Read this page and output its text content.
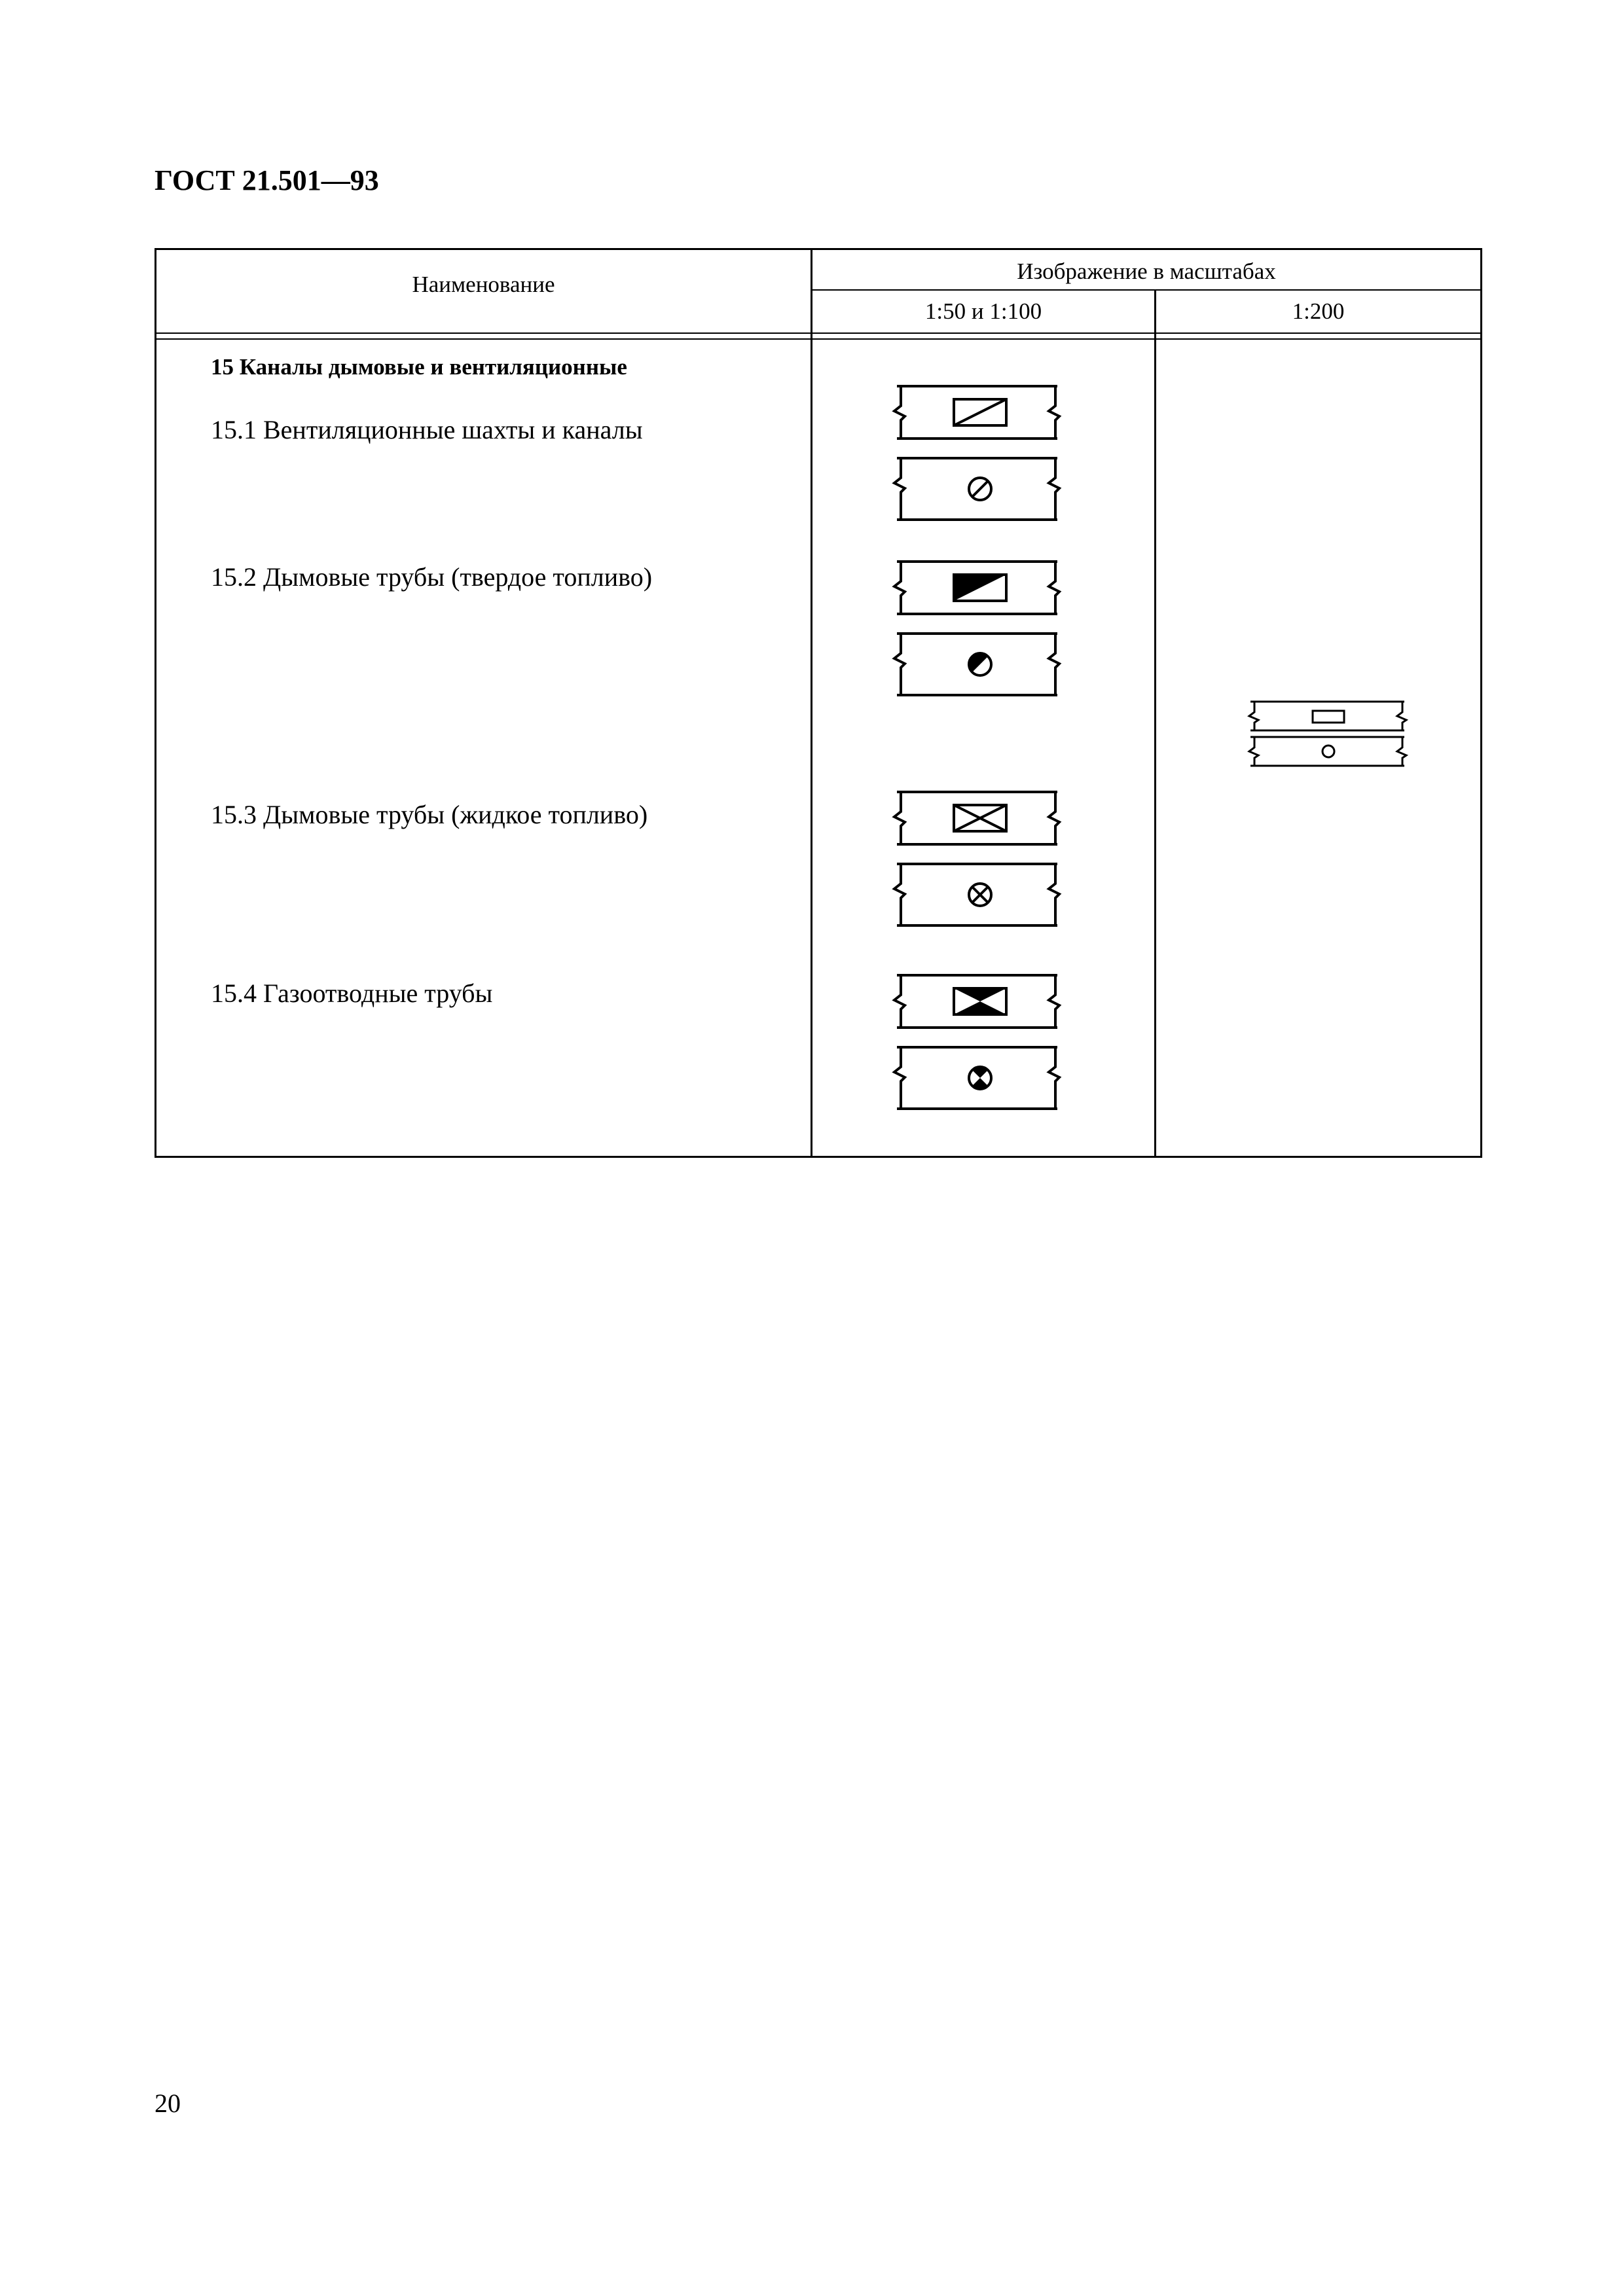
ГОСТ 21.501—93
Наименование
Изображение в масштабах
1:50 и 1:100	1:200
15 Каналы дымовые и вентиляционные
15.1 Вентиляционные шахты и каналы
15.2 Дымовые трубы (твердое топливо)
15.3 Дымовые трубы (жидкое топливо)
15.4 Газоотводные трубы
20
